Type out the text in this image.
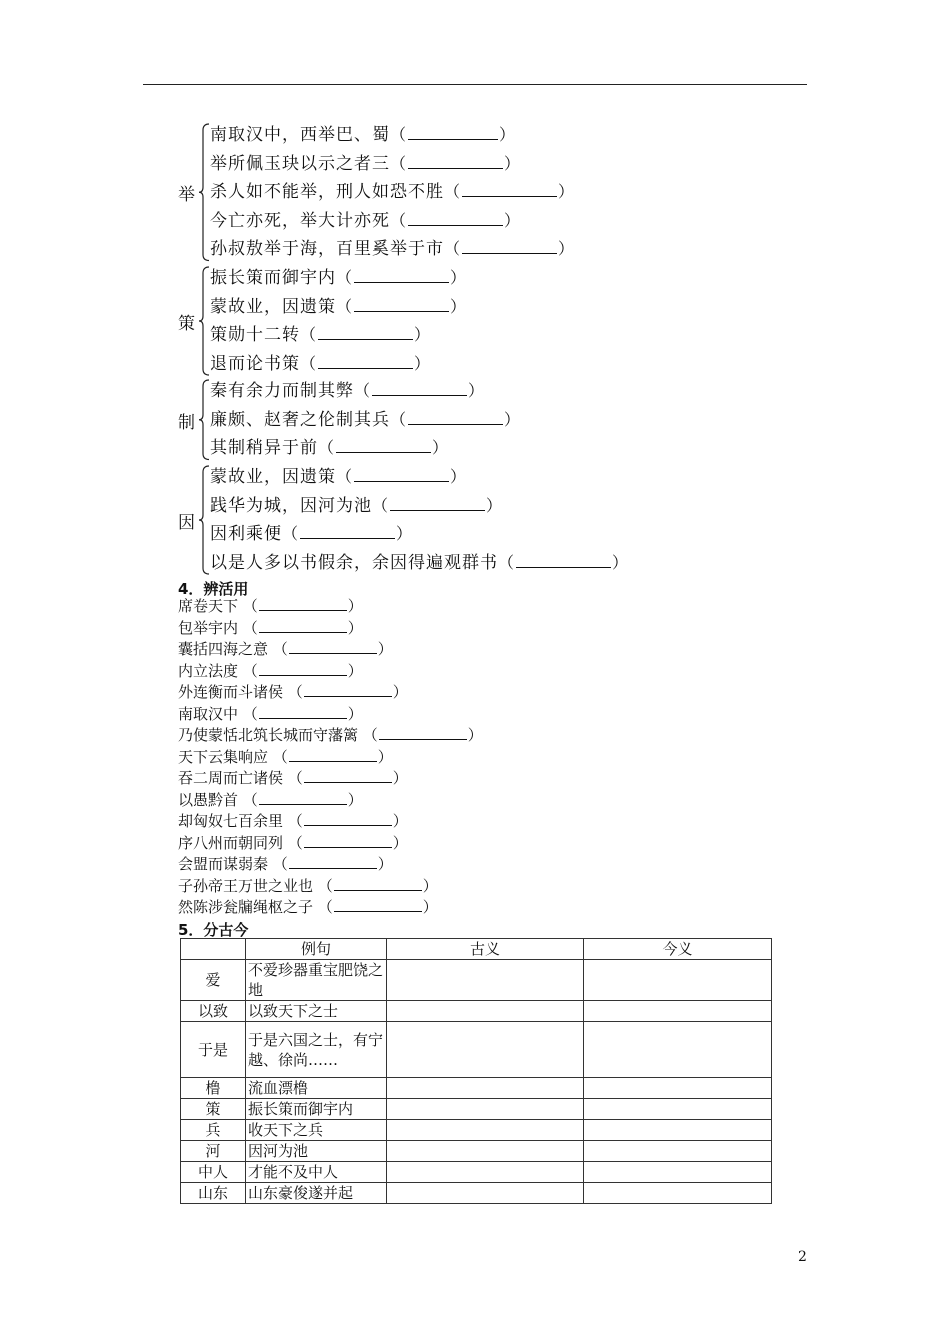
举
南取汉中，西举巴、蜀（	）
举所佩玉玦以示之者三（	）
杀人如不能举，刑人如恐不胜（	）
今亡亦死，举大计亦死（	）
孙叔敖举于海，百里奚举于市（	）
策
振长策而御宇内（	）
蒙故业，因遗策（	）
策勋十二转（	）
退而论书策（	）
制
秦有余力而制其弊（	）
廉颇、赵奢之伦制其兵（	）
其制稍异于前（	）
因
蒙故业，因遗策（	）
践华为城，因河为池（	）
因利乘便（	）
以是人多以书假余，余因得遍观群书（	）
4．辨活用
席卷天下 （	）
包举宇内 （	）
囊括四海之意 （	）
内立法度 （	）
外连衡而斗诸侯 （	）
南取汉中 （	）
乃使蒙恬北筑长城而守藩篱 （	）
天下云集响应 （	）
吞二周而亡诸侯 （	）
以愚黔首 （	）
却匈奴七百余里 （	）
序八州而朝同列 （	）
会盟而谋弱秦 （	）
子孙帝王万世之业也 （	）
然陈涉瓮牖绳枢之子 （	）
5．分古今
	例句	古义	今义
爱	不爱珍器重宝肥饶之地		
以致	以致天下之士		
于是	于是六国之士，有宁越、徐尚……		
橹	流血漂橹		
策	振长策而御宇内		
兵	收天下之兵		
河	因河为池		
中人	才能不及中人		
山东	山东豪俊遂并起		
2
